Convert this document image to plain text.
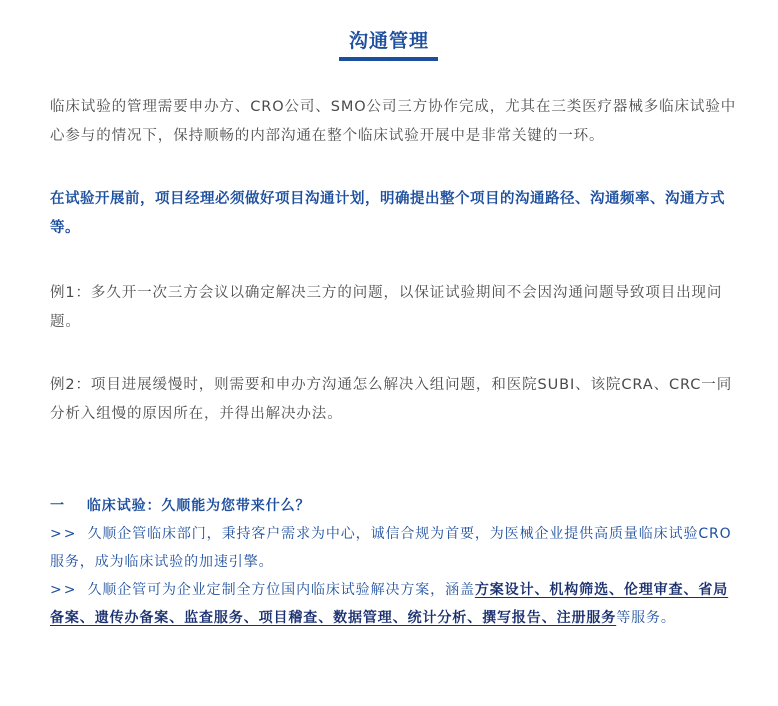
沟通管理

临床试验的管理需要申办方、CRO公司、SMO公司三方协作完成，尤其在三类医疗器械多临床试验中心参与的情况下，保持顺畅的内部沟通在整个临床试验开展中是非常关键的一环。

在试验开展前，项目经理必须做好项目沟通计划，明确提出整个项目的沟通路径、沟通频率、沟通方式等。

例1：多久开一次三方会议以确定解决三方的问题，以保证试验期间不会因沟通问题导致项目出现问题。

例2：项目进展缓慢时，则需要和申办方沟通怎么解决入组问题，和医院SUBI、该院CRA、CRC一同分析入组慢的原因所在，并得出解决办法。

一 临床试验：久顺能为您带来什么？
>> 久顺企管临床部门，秉持客户需求为中心，诚信合规为首要，为医械企业提供高质量临床试验CRO服务，成为临床试验的加速引擎。
>> 久顺企管可为企业定制全方位国内临床试验解决方案，涵盖方案设计、机构筛选、伦理审查、省局备案、遗传办备案、监查服务、项目稽查、数据管理、统计分析、撰写报告、注册服务等服务。
